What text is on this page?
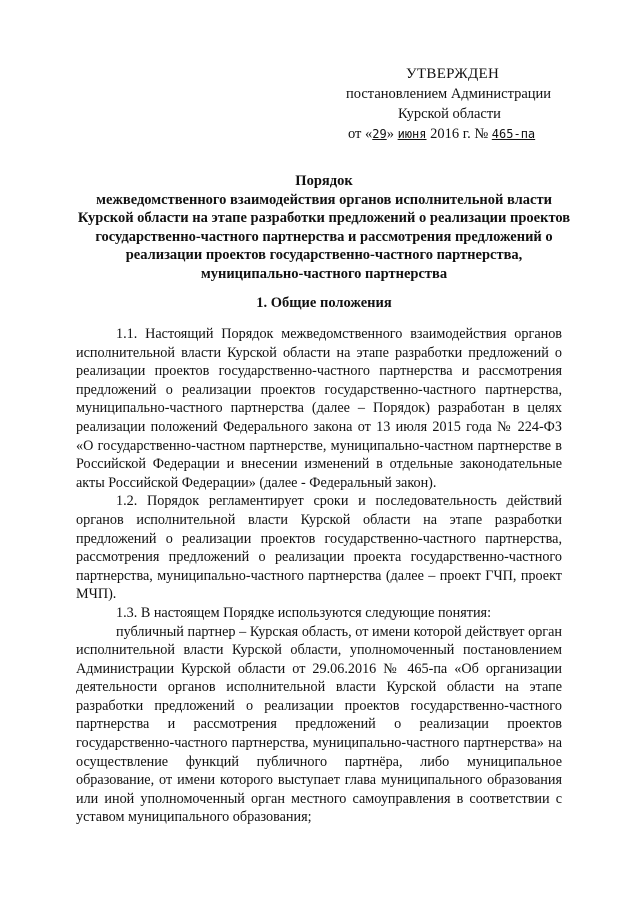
УТВЕРЖДЕН
постановлением Администрации
Курской области
от «29» июня 2016 г. № 465-па
Порядок
межведомственного взаимодействия органов исполнительной власти Курской области на этапе разработки предложений о реализации проектов государственно-частного партнерства и рассмотрения предложений о реализации проектов государственно-частного партнерства, муниципально-частного партнерства
1. Общие положения

1.1. Настоящий Порядок межведомственного взаимодействия органов исполнительной власти Курской области на этапе разработки предложений о реализации проектов государственно-частного партнерства и рассмотрения предложений о реализации проектов государственно-частного партнерства, муниципально-частного партнерства (далее – Порядок) разработан в целях реализации положений Федерального закона от 13 июля 2015 года № 224-ФЗ «О государственно-частном партнерстве, муниципально-частном партнерстве в Российской Федерации и внесении изменений в отдельные законодательные акты Российской Федерации» (далее - Федеральный закон).

1.2. Порядок регламентирует сроки и последовательность действий органов исполнительной власти Курской области на этапе разработки предложений о реализации проектов государственно-частного партнерства, рассмотрения предложений о реализации проекта государственно-частного партнерства, муниципально-частного партнерства (далее – проект ГЧП, проект МЧП).

1.3. В настоящем Порядке используются следующие понятия:

публичный партнер – Курская область, от имени которой действует орган исполнительной власти Курской области, уполномоченный постановлением Администрации Курской области от 29.06.2016 № 465-па «Об организации деятельности органов исполнительной власти Курской области на этапе разработки предложений о реализации проектов государственно-частного партнерства и рассмотрения предложений о реализации проектов государственно-частного партнерства, муниципально-частного партнерства» на осуществление функций публичного партнёра, либо муниципальное образование, от имени которого выступает глава муниципального образования или иной уполномоченный орган местного самоуправления в соответствии с уставом муниципального образования;
